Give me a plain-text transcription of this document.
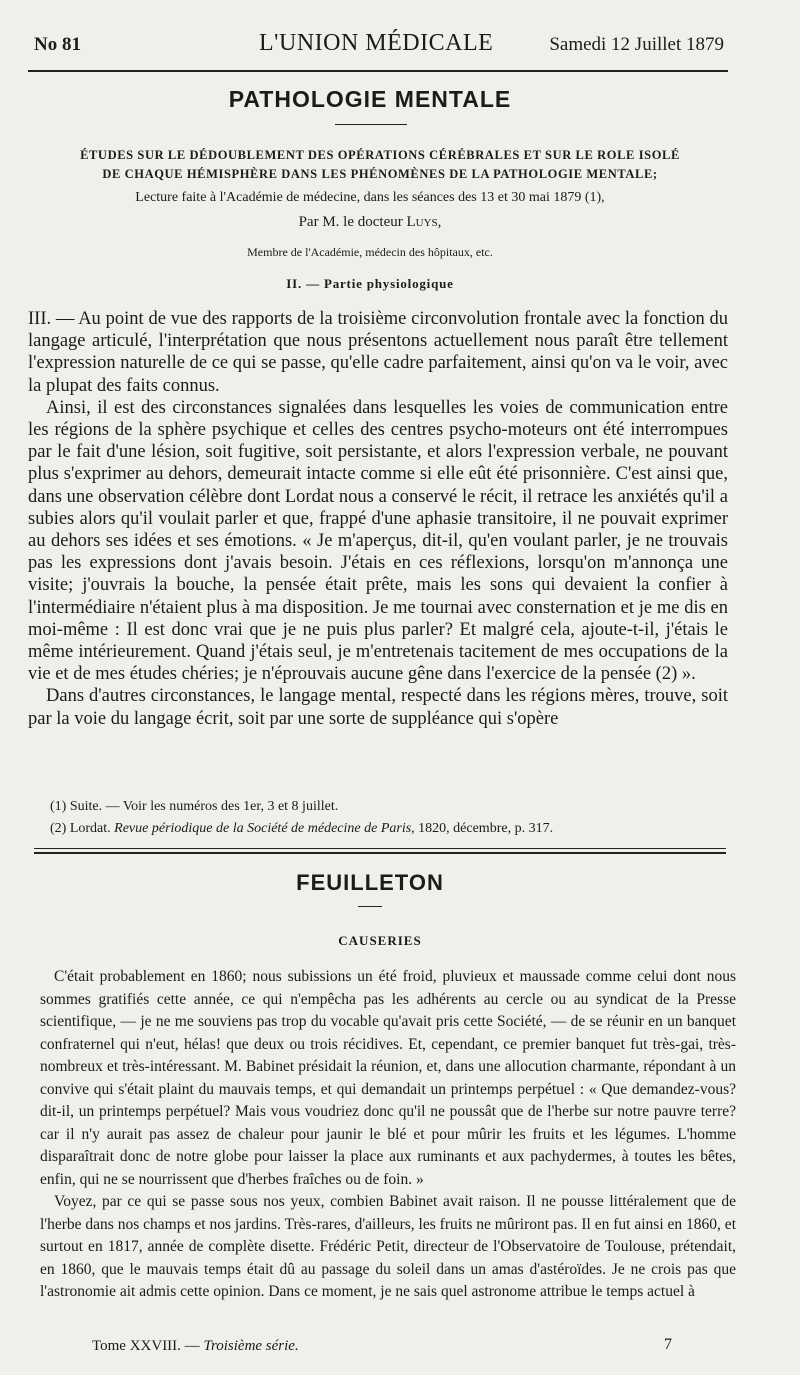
No 81	L'UNION MÉDICALE	Samedi 12 Juillet 1879
PATHOLOGIE MENTALE
ÉTUDES SUR LE DÉDOUBLEMENT DES OPÉRATIONS CÉRÉBRALES ET SUR LE ROLE ISOLÉ
DE CHAQUE HÉMISPHÈRE DANS LES PHÉNOMÈNES DE LA PATHOLOGIE MENTALE;
Lecture faite à l'Académie de médecine, dans les séances des 13 et 30 mai 1879 (1),
Par M. le docteur Luys,
Membre de l'Académie, médecin des hôpitaux, etc.
II. — Partie physiologique

III. — Au point de vue des rapports de la troisième circonvolution frontale avec la fonction du langage articulé, l'interprétation que nous présentons actuellement nous paraît être tellement l'expression naturelle de ce qui se passe, qu'elle cadre parfaitement, ainsi qu'on va le voir, avec la plupat des faits connus.

Ainsi, il est des circonstances signalées dans lesquelles les voies de communication entre les régions de la sphère psychique et celles des centres psycho-moteurs ont été interrompues par le fait d'une lésion, soit fugitive, soit persistante, et alors l'expression verbale, ne pouvant plus s'exprimer au dehors, demeurait intacte comme si elle eût été prisonnière. C'est ainsi que, dans une observation célèbre dont Lordat nous a conservé le récit, il retrace les anxiétés qu'il a subies alors qu'il voulait parler et que, frappé d'une aphasie transitoire, il ne pouvait exprimer au dehors ses idées et ses émotions. « Je m'aperçus, dit-il, qu'en voulant parler, je ne trouvais pas les expressions dont j'avais besoin. J'étais en ces réflexions, lorsqu'on m'annonça une visite; j'ouvrais la bouche, la pensée était prête, mais les sons qui devaient la confier à l'intermédiaire n'étaient plus à ma disposition. Je me tournai avec consternation et je me dis en moi-même : Il est donc vrai que je ne puis plus parler? Et malgré cela, ajoute-t-il, j'étais le même intérieurement. Quand j'étais seul, je m'entretenais tacitement de mes occupations de la vie et de mes études chéries; je n'éprouvais aucune gêne dans l'exercice de la pensée (2) ».

Dans d'autres circonstances, le langage mental, respecté dans les régions mères, trouve, soit par la voie du langage écrit, soit par une sorte de suppléance qui s'opère

(1) Suite. — Voir les numéros des 1er, 3 et 8 juillet.
(2) Lordat. Revue périodique de la Société de médecine de Paris, 1820, décembre, p. 317.
FEUILLETON
CAUSERIES

C'était probablement en 1860; nous subissions un été froid, pluvieux et maussade comme celui dont nous sommes gratifiés cette année, ce qui n'empêcha pas les adhérents au cercle ou au syndicat de la Presse scientifique, — je ne me souviens pas trop du vocable qu'avait pris cette Société, — de se réunir en un banquet confraternel qui n'eut, hélas! que deux ou trois récidives. Et, cependant, ce premier banquet fut très-gai, très-nombreux et très-intéressant. M. Babinet présidait la réunion, et, dans une allocution charmante, répondant à un convive qui s'était plaint du mauvais temps, et qui demandait un printemps perpétuel : « Que demandez-vous? dit-il, un printemps perpétuel? Mais vous voudriez donc qu'il ne poussât que de l'herbe sur notre pauvre terre? car il n'y aurait pas assez de chaleur pour jaunir le blé et pour mûrir les fruits et les légumes. L'homme disparaîtrait donc de notre globe pour laisser la place aux ruminants et aux pachydermes, à toutes les bêtes, enfin, qui ne se nourrissent que d'herbes fraîches ou de foin. »

Voyez, par ce qui se passe sous nos yeux, combien Babinet avait raison. Il ne pousse littéralement que de l'herbe dans nos champs et nos jardins. Très-rares, d'ailleurs, les fruits ne mûriront pas. Il en fut ainsi en 1860, et surtout en 1817, année de complète disette. Frédéric Petit, directeur de l'Observatoire de Toulouse, prétendait, en 1860, que le mauvais temps était dû au passage du soleil dans un amas d'astéroïdes. Je ne crois pas que l'astronomie ait admis cette opinion. Dans ce moment, je ne sais quel astronome attribue le temps actuel à

Tome XXVIII. — Troisième série.	7
